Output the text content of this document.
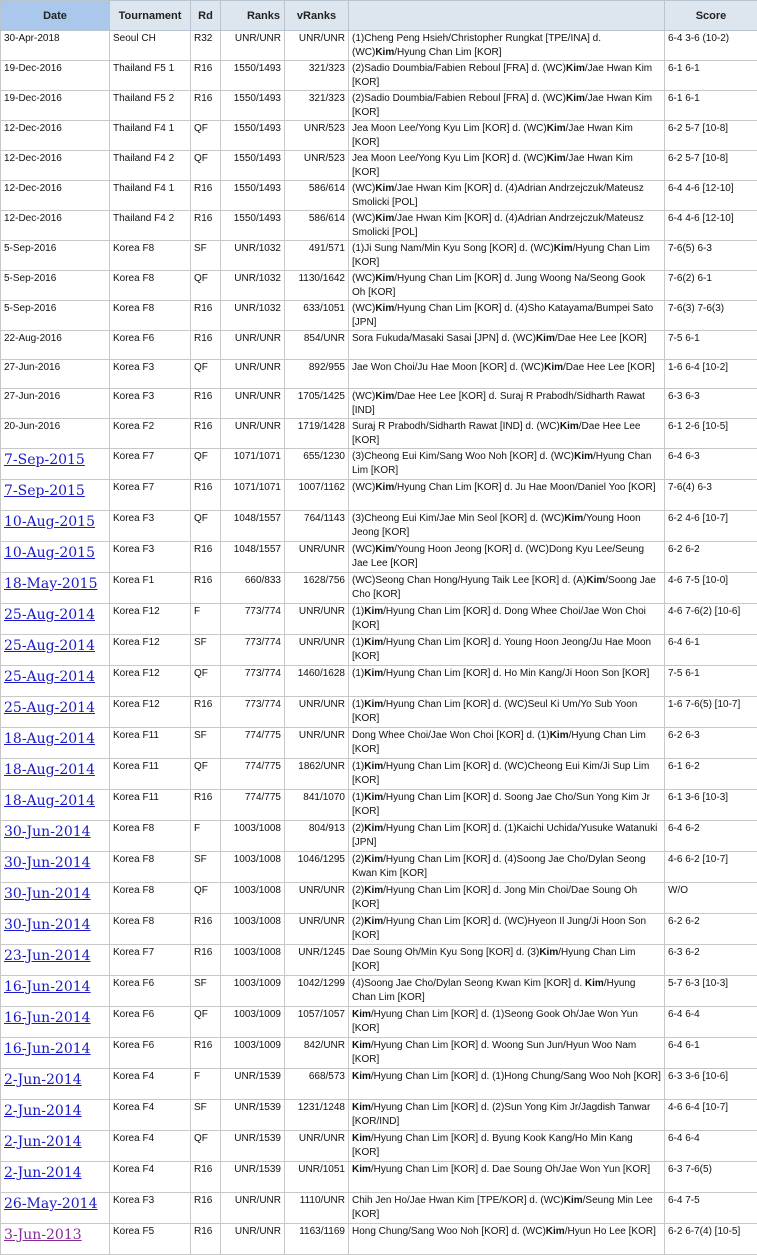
Date	Tournament	Rd	Ranks	vRanks		Score
30-Apr-2018	Seoul CH	R32	UNR/UNR	UNR/UNR	(1)Cheng Peng Hsieh/Christopher Rungkat [TPE/INA] d. (WC)Kim/Hyung Chan Lim [KOR]	6-4 3-6 (10-2)
19-Dec-2016	Thailand F5 1	R16	1550/1493	321/323	(2)Sadio Doumbia/Fabien Reboul [FRA] d. (WC)Kim/Jae Hwan Kim [KOR]	6-1 6-1
19-Dec-2016	Thailand F5 2	R16	1550/1493	321/323	(2)Sadio Doumbia/Fabien Reboul [FRA] d. (WC)Kim/Jae Hwan Kim [KOR]	6-1 6-1
12-Dec-2016	Thailand F4 1	QF	1550/1493	UNR/523	Jea Moon Lee/Yong Kyu Lim [KOR] d. (WC)Kim/Jae Hwan Kim [KOR]	6-2 5-7 [10-8]
12-Dec-2016	Thailand F4 2	QF	1550/1493	UNR/523	Jea Moon Lee/Yong Kyu Lim [KOR] d. (WC)Kim/Jae Hwan Kim [KOR]	6-2 5-7 [10-8]
12-Dec-2016	Thailand F4 1	R16	1550/1493	586/614	(WC)Kim/Jae Hwan Kim [KOR] d. (4)Adrian Andrzejczuk/Mateusz Smolicki [POL]	6-4 4-6 [12-10]
12-Dec-2016	Thailand F4 2	R16	1550/1493	586/614	(WC)Kim/Jae Hwan Kim [KOR] d. (4)Adrian Andrzejczuk/Mateusz Smolicki [POL]	6-4 4-6 [12-10]
5-Sep-2016	Korea F8	SF	UNR/1032	491/571	(1)Ji Sung Nam/Min Kyu Song [KOR] d. (WC)Kim/Hyung Chan Lim [KOR]	7-6(5) 6-3
5-Sep-2016	Korea F8	QF	UNR/1032	1130/1642	(WC)Kim/Hyung Chan Lim [KOR] d. Jung Woong Na/Seong Gook Oh [KOR]	7-6(2) 6-1
5-Sep-2016	Korea F8	R16	UNR/1032	633/1051	(WC)Kim/Hyung Chan Lim [KOR] d. (4)Sho Katayama/Bumpei Sato [JPN]	7-6(3) 7-6(3)
22-Aug-2016	Korea F6	R16	UNR/UNR	854/UNR	Sora Fukuda/Masaki Sasai [JPN] d. (WC)Kim/Dae Hee Lee [KOR]	7-5 6-1
27-Jun-2016	Korea F3	QF	UNR/UNR	892/955	Jae Won Choi/Ju Hae Moon [KOR] d. (WC)Kim/Dae Hee Lee [KOR]	1-6 6-4 [10-2]
27-Jun-2016	Korea F3	R16	UNR/UNR	1705/1425	(WC)Kim/Dae Hee Lee [KOR] d. Suraj R Prabodh/Sidharth Rawat [IND]	6-3 6-3
20-Jun-2016	Korea F2	R16	UNR/UNR	1719/1428	Suraj R Prabodh/Sidharth Rawat [IND] d. (WC)Kim/Dae Hee Lee [KOR]	6-1 2-6 [10-5]
7-Sep-2015	Korea F7	QF	1071/1071	655/1230	(3)Cheong Eui Kim/Sang Woo Noh [KOR] d. (WC)Kim/Hyung Chan Lim [KOR]	6-4 6-3
7-Sep-2015	Korea F7	R16	1071/1071	1007/1162	(WC)Kim/Hyung Chan Lim [KOR] d. Ju Hae Moon/Daniel Yoo [KOR]	7-6(4) 6-3
10-Aug-2015	Korea F3	QF	1048/1557	764/1143	(3)Cheong Eui Kim/Jae Min Seol [KOR] d. (WC)Kim/Young Hoon Jeong [KOR]	6-2 4-6 [10-7]
10-Aug-2015	Korea F3	R16	1048/1557	UNR/UNR	(WC)Kim/Young Hoon Jeong [KOR] d. (WC)Dong Kyu Lee/Seung Jae Lee [KOR]	6-2 6-2
18-May-2015	Korea F1	R16	660/833	1628/756	(WC)Seong Chan Hong/Hyung Taik Lee [KOR] d. (A)Kim/Soong Jae Cho [KOR]	4-6 7-5 [10-0]
25-Aug-2014	Korea F12	F	773/774	UNR/UNR	(1)Kim/Hyung Chan Lim [KOR] d. Dong Whee Choi/Jae Won Choi [KOR]	4-6 7-6(2) [10-6]
25-Aug-2014	Korea F12	SF	773/774	UNR/UNR	(1)Kim/Hyung Chan Lim [KOR] d. Young Hoon Jeong/Ju Hae Moon [KOR]	6-4 6-1
25-Aug-2014	Korea F12	QF	773/774	1460/1628	(1)Kim/Hyung Chan Lim [KOR] d. Ho Min Kang/Ji Hoon Son [KOR]	7-5 6-1
25-Aug-2014	Korea F12	R16	773/774	UNR/UNR	(1)Kim/Hyung Chan Lim [KOR] d. (WC)Seul Ki Um/Yo Sub Yoon [KOR]	1-6 7-6(5) [10-7]
18-Aug-2014	Korea F11	SF	774/775	UNR/UNR	Dong Whee Choi/Jae Won Choi [KOR] d. (1)Kim/Hyung Chan Lim [KOR]	6-2 6-3
18-Aug-2014	Korea F11	QF	774/775	1862/UNR	(1)Kim/Hyung Chan Lim [KOR] d. (WC)Cheong Eui Kim/Ji Sup Lim [KOR]	6-1 6-2
18-Aug-2014	Korea F11	R16	774/775	841/1070	(1)Kim/Hyung Chan Lim [KOR] d. Soong Jae Cho/Sun Yong Kim Jr [KOR]	6-1 3-6 [10-3]
30-Jun-2014	Korea F8	F	1003/1008	804/913	(2)Kim/Hyung Chan Lim [KOR] d. (1)Kaichi Uchida/Yusuke Watanuki [JPN]	6-4 6-2
30-Jun-2014	Korea F8	SF	1003/1008	1046/1295	(2)Kim/Hyung Chan Lim [KOR] d. (4)Soong Jae Cho/Dylan Seong Kwan Kim [KOR]	4-6 6-2 [10-7]
30-Jun-2014	Korea F8	QF	1003/1008	UNR/UNR	(2)Kim/Hyung Chan Lim [KOR] d. Jong Min Choi/Dae Soung Oh [KOR]	W/O
30-Jun-2014	Korea F8	R16	1003/1008	UNR/UNR	(2)Kim/Hyung Chan Lim [KOR] d. (WC)Hyeon Il Jung/Ji Hoon Son [KOR]	6-2 6-2
23-Jun-2014	Korea F7	R16	1003/1008	UNR/1245	Dae Soung Oh/Min Kyu Song [KOR] d. (3)Kim/Hyung Chan Lim [KOR]	6-3 6-2
16-Jun-2014	Korea F6	SF	1003/1009	1042/1299	(4)Soong Jae Cho/Dylan Seong Kwan Kim [KOR] d. Kim/Hyung Chan Lim [KOR]	5-7 6-3 [10-3]
16-Jun-2014	Korea F6	QF	1003/1009	1057/1057	Kim/Hyung Chan Lim [KOR] d. (1)Seong Gook Oh/Jae Won Yun [KOR]	6-4 6-4
16-Jun-2014	Korea F6	R16	1003/1009	842/UNR	Kim/Hyung Chan Lim [KOR] d. Woong Sun Jun/Hyun Woo Nam [KOR]	6-4 6-1
2-Jun-2014	Korea F4	F	UNR/1539	668/573	Kim/Hyung Chan Lim [KOR] d. (1)Hong Chung/Sang Woo Noh [KOR]	6-3 3-6 [10-6]
2-Jun-2014	Korea F4	SF	UNR/1539	1231/1248	Kim/Hyung Chan Lim [KOR] d. (2)Sun Yong Kim Jr/Jagdish Tanwar [KOR/IND]	4-6 6-4 [10-7]
2-Jun-2014	Korea F4	QF	UNR/1539	UNR/UNR	Kim/Hyung Chan Lim [KOR] d. Byung Kook Kang/Ho Min Kang [KOR]	6-4 6-4
2-Jun-2014	Korea F4	R16	UNR/1539	UNR/1051	Kim/Hyung Chan Lim [KOR] d. Dae Soung Oh/Jae Won Yun [KOR]	6-3 7-6(5)
26-May-2014	Korea F3	R16	UNR/UNR	1110/UNR	Chih Jen Ho/Jae Hwan Kim [TPE/KOR] d. (WC)Kim/Seung Min Lee [KOR]	6-4 7-5
3-Jun-2013	Korea F5	R16	UNR/UNR	1163/1169	Hong Chung/Sang Woo Noh [KOR] d. (WC)Kim/Hyun Ho Lee [KOR]	6-2 6-7(4) [10-5]
